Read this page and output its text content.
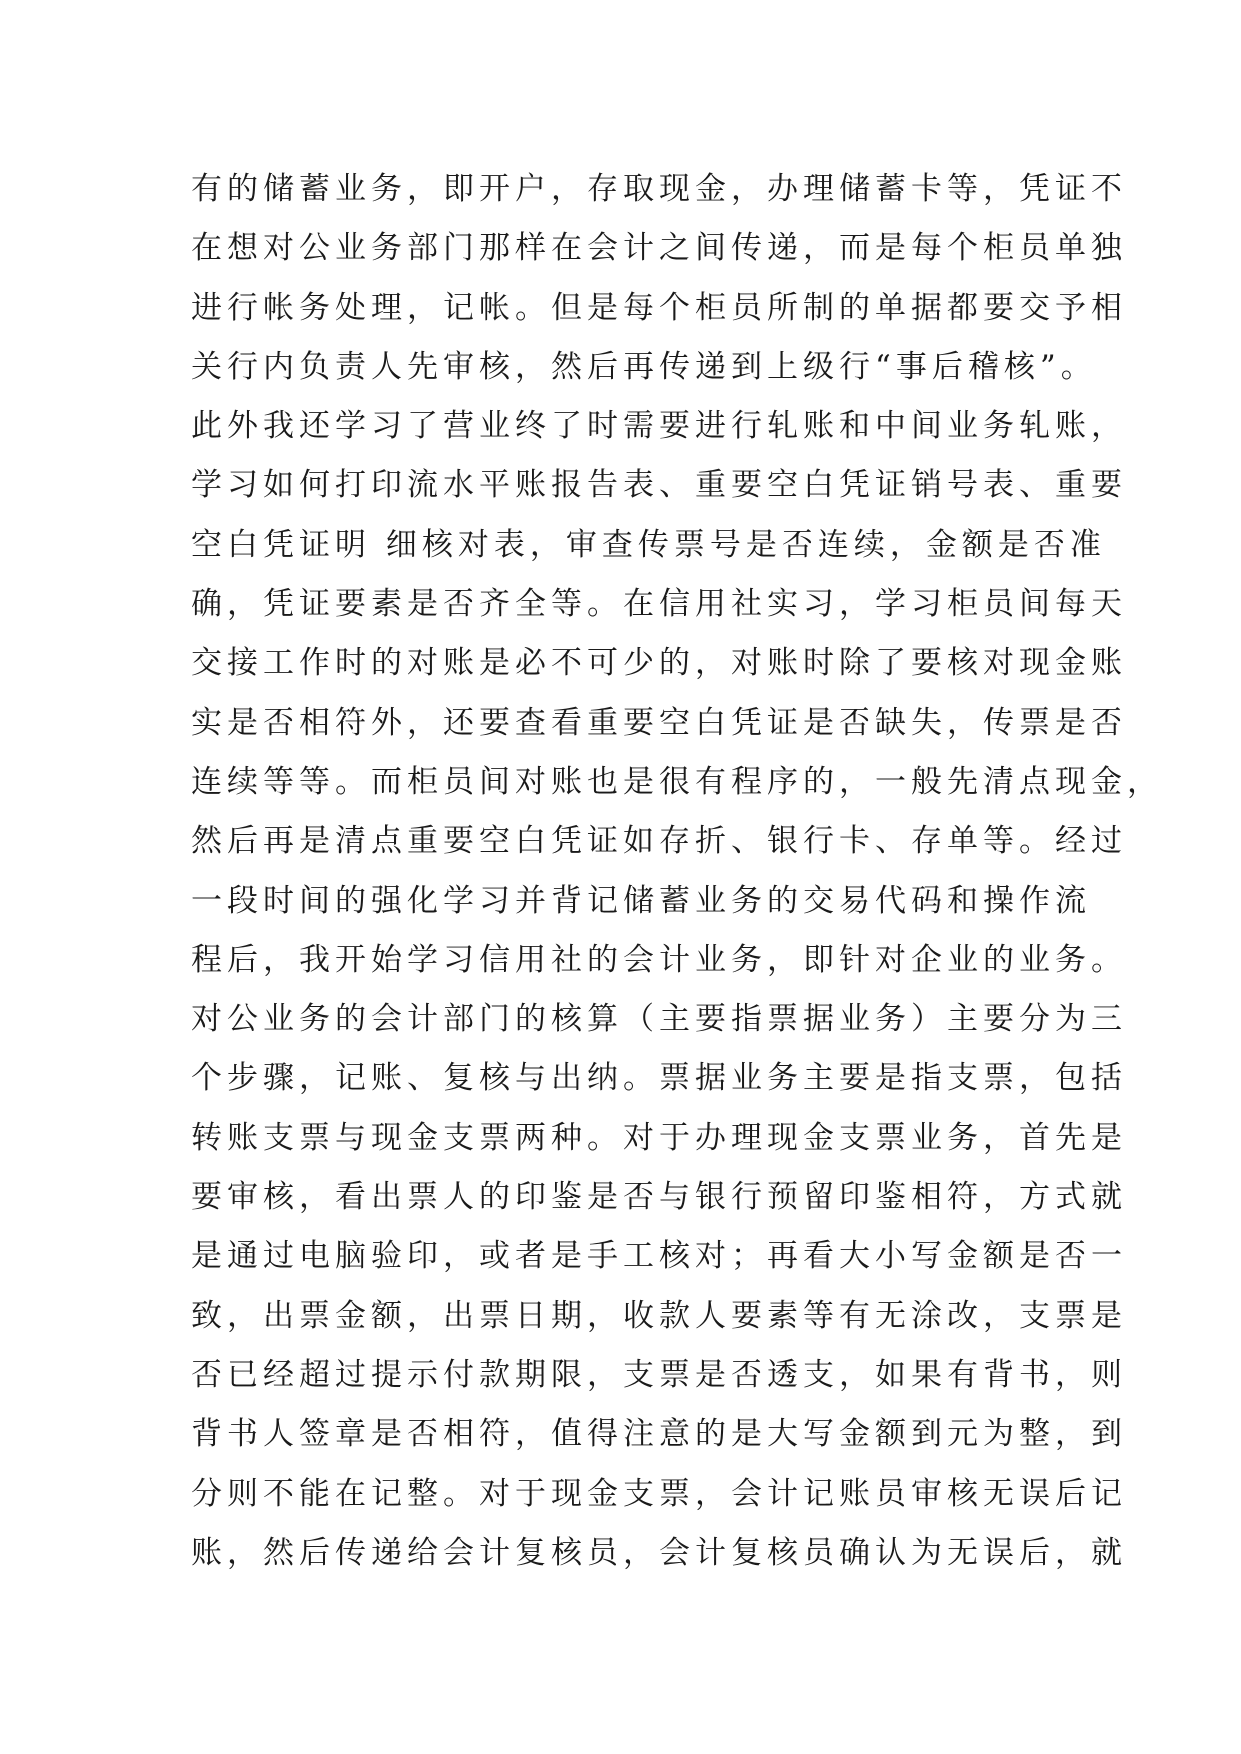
有的储蓄业务，即开户，存取现金，办理储蓄卡等，凭证不
在想对公业务部门那样在会计之间传递，而是每个柜员单独
进行帐务处理，记帐。但是每个柜员所制的单据都要交予相
关行内负责人先审核，然后再传递到上级行“事后稽核”。
此外我还学习了营业终了时需要进行轧账和中间业务轧账，
学习如何打印流水平账报告表、重要空白凭证销号表、重要
空白凭证明 细核对表，审查传票号是否连续，金额是否准
确，凭证要素是否齐全等。在信用社实习，学习柜员间每天
交接工作时的对账是必不可少的，对账时除了要核对现金账
实是否相符外，还要查看重要空白凭证是否缺失，传票是否
连续等等。而柜员间对账也是很有程序的，一般先清点现金，
然后再是清点重要空白凭证如存折、银行卡、存单等。经过
一段时间的强化学习并背记储蓄业务的交易代码和操作流
程后，我开始学习信用社的会计业务，即针对企业的业务。
对公业务的会计部门的核算（主要指票据业务）主要分为三
个步骤，记账、复核与出纳。票据业务主要是指支票，包括
转账支票与现金支票两种。对于办理现金支票业务，首先是
要审核，看出票人的印鉴是否与银行预留印鉴相符，方式就
是通过电脑验印，或者是手工核对；再看大小写金额是否一
致，出票金额，出票日期，收款人要素等有无涂改，支票是
否已经超过提示付款期限，支票是否透支，如果有背书，则
背书人签章是否相符，值得注意的是大写金额到元为整，到
分则不能在记整。对于现金支票，会计记账员审核无误后记
账，然后传递给会计复核员，会计复核员确认为无误后，就
